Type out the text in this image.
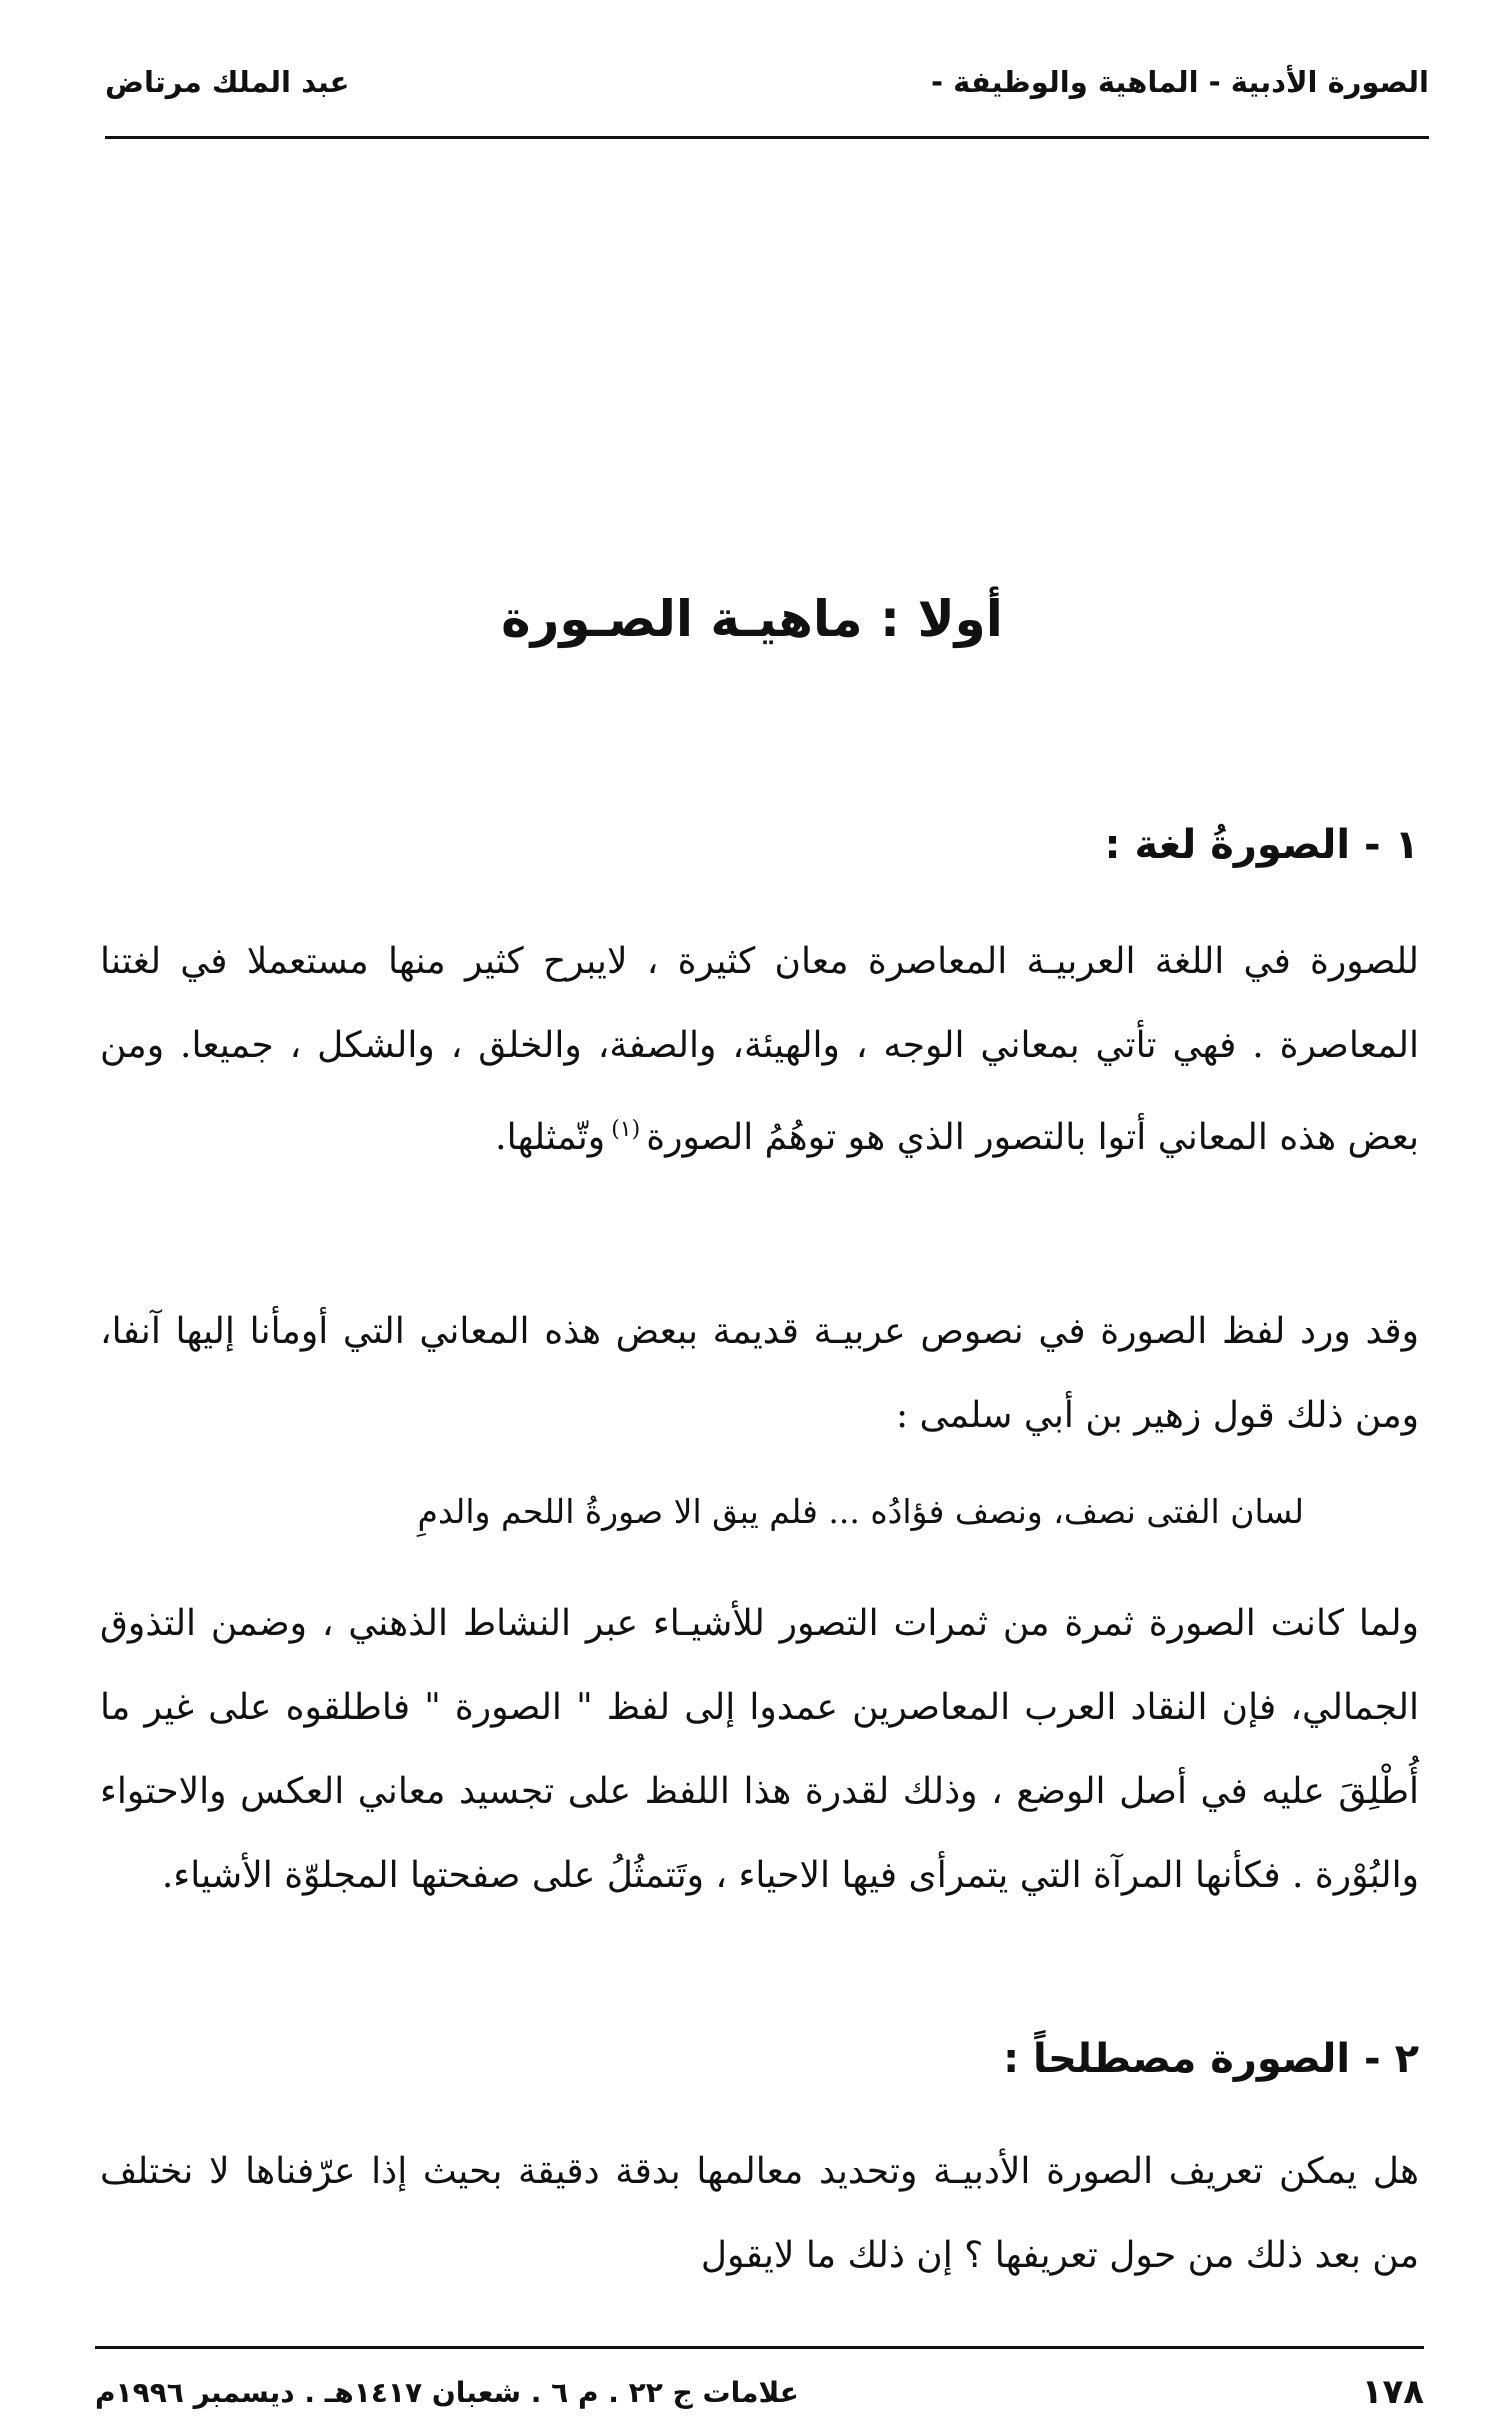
الصورة الأدبية - الماهية والوظيفة -
عبد الملك مرتاض
أولا : ماهيـة الصـورة
١ - الصورةُ لغة :

للصورة في اللغة العربيـة المعاصرة معان كثيرة ، لايبرح كثير منها مستعملا في لغتنا المعاصرة . فهي تأتي بمعاني الوجه ، والهيئة، والصفة، والخلق ، والشكل ، جميعا. ومن بعض هذه المعاني أتوا بالتصور الذي هو توهُمُ الصورة$^{(١)}$وتّمثلها.

وقد ورد لفظ الصورة في نصوص عربيـة قديمة ببعض هذه المعاني التي أومأنا إليها آنفا، ومن ذلك قول زهير بن أبي سلمى :

لسان الفتى نصف، ونصف فؤادُه ... فلم يبق الا صورةُ اللحم والدمِ

ولما كانت الصورة ثمرة من ثمرات التصور للأشيـاء عبر النشاط الذهني ، وضمن التذوق الجمالي، فإن النقاد العرب المعاصرين عمدوا إلى لفظ " الصورة " فاطلقوه على غير ما أُطْلِقَ عليه في أصل الوضع ، وذلك لقدرة هذا اللفظ على تجسيد معاني العكس والاحتواء والبُوْرة . فكأنها المرآة التي يتمرأى فيها الاحياء ، وتَتمثُلُ على صفحتها المجلوّة الأشياء.

٢ - الصورة مصطلحاً :

هل يمكن تعريف الصورة الأدبيـة وتحديد معالمها بدقة دقيقة بحيث إذا عرّفناها لا نختلف من بعد ذلك من حول تعريفها ؟ إن ذلك ما لايقول

١٧٨
علامات ج ٢٢ . م ٦ . شعبان ١٤١٧هـ . ديسمبر ١٩٩٦م
